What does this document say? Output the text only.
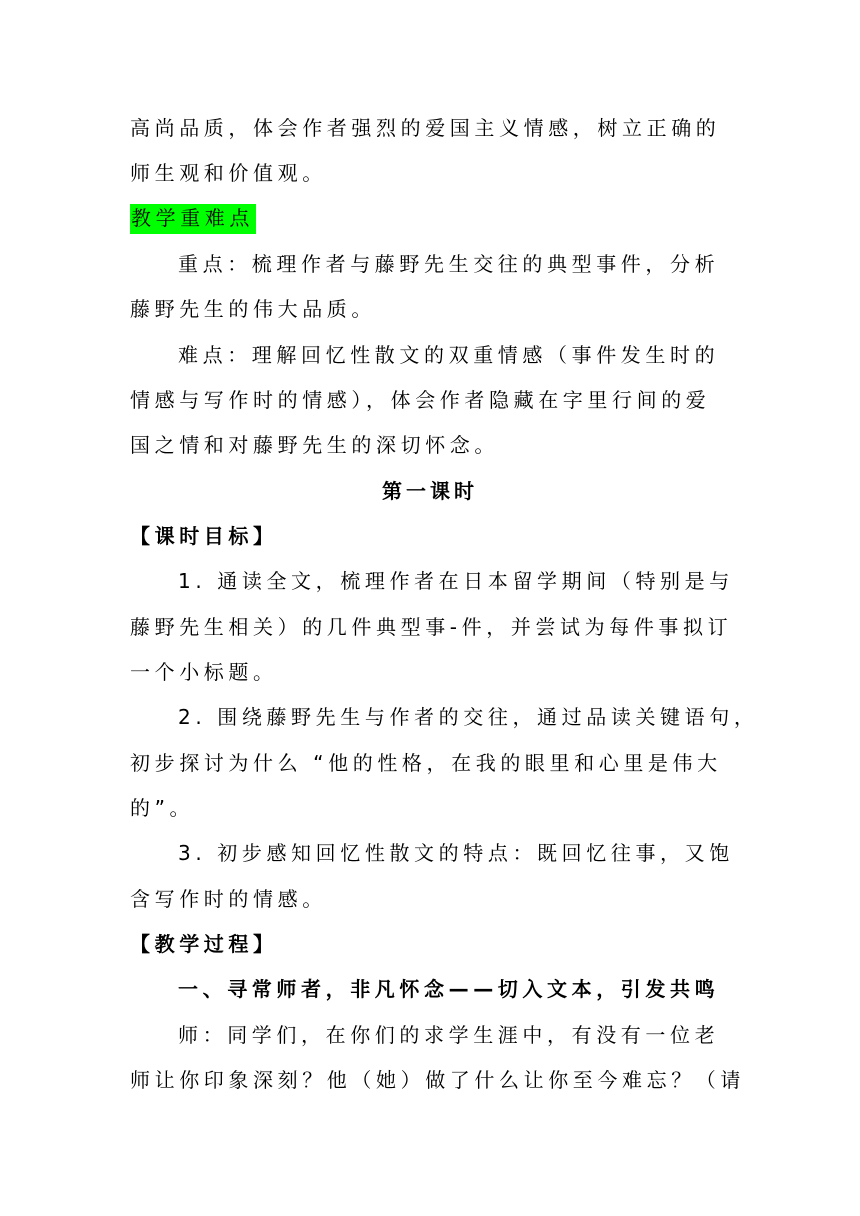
高尚品质，体会作者强烈的爱国主义情感，树立正确的
师生观和价值观。
教学重难点
重点：梳理作者与藤野先生交往的典型事件，分析
藤野先生的伟大品质。
难点：理解回忆性散文的双重情感（事件发生时的
情感与写作时的情感），体会作者隐藏在字里行间的爱
国之情和对藤野先生的深切怀念。
第一课时
【课时目标】
1. 通读全文，梳理作者在日本留学期间（特别是与
藤野先生相关）的几件典型事-件，并尝试为每件事拟订
一个小标题。
2. 围绕藤野先生与作者的交往，通过品读关键语句，
初步探讨为什么 “他的性格，在我的眼里和心里是伟大
的”。
3. 初步感知回忆性散文的特点：既回忆往事，又饱
含写作时的情感。
【教学过程】
一、寻常师者，非凡怀念——切入文本，引发共鸣
师：同学们，在你们的求学生涯中，有没有一位老
师让你印象深刻？他（她）做了什么让你至今难忘？（请
